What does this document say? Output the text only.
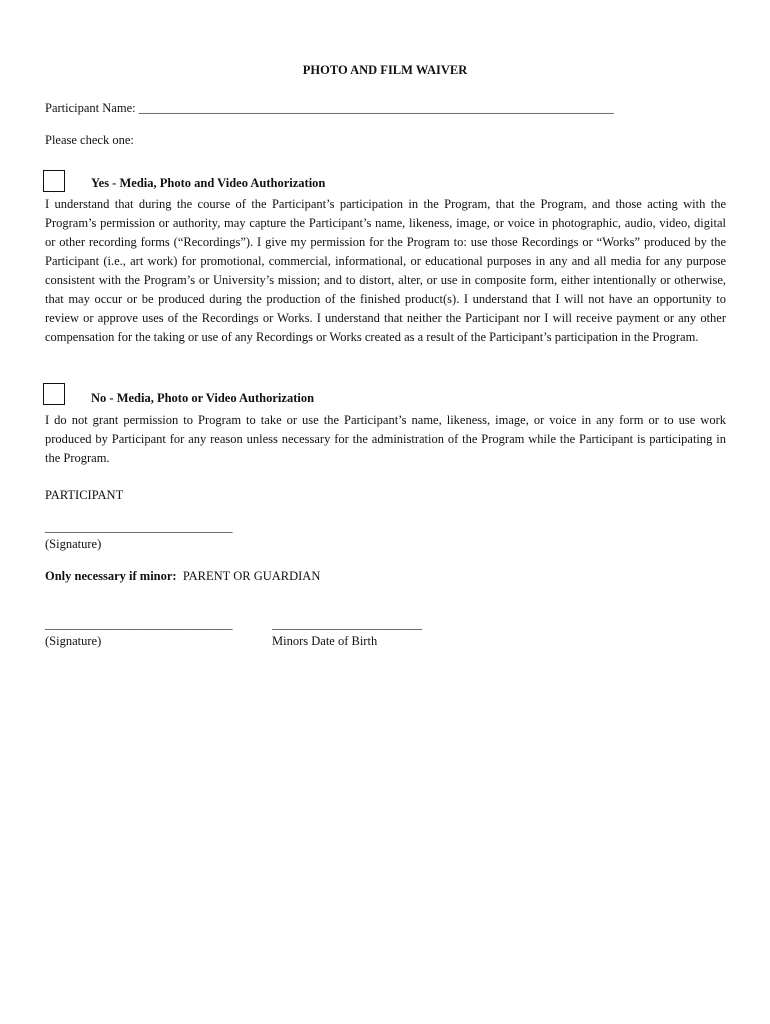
PHOTO AND FILM WAIVER
Participant Name: ____________________________________________________________________________
Please check one:
Yes - Media, Photo and Video Authorization

I understand that during the course of the Participant’s participation in the Program, that the Program, and those acting with the Program’s permission or authority, may capture the Participant’s name, likeness, image, or voice in photographic, audio, video, digital or other recording forms (“Recordings”). I give my permission for the Program to: use those Recordings or “Works” produced by the Participant (i.e., art work) for promotional, commercial, informational, or educational purposes in any and all media for any purpose consistent with the Program’s or University’s mission; and to distort, alter, or use in composite form, either intentionally or otherwise, that may occur or be produced during the production of the finished product(s). I understand that I will not have an opportunity to review or approve uses of the Recordings or Works. I understand that neither the Participant nor I will receive payment or any other compensation for the taking or use of any Recordings or Works created as a result of the Participant’s participation in the Program.

No - Media, Photo or Video Authorization

I do not grant permission to Program to take or use the Participant’s name, likeness, image, or voice in any form or to use work produced by Participant for any reason unless necessary for the administration of the Program while the Participant is participating in the Program.

PARTICIPANT
______________________________
(Signature)
Only necessary if minor: PARENT OR GUARDIAN
______________________________	________________________
(Signature)	Minors Date of Birth
